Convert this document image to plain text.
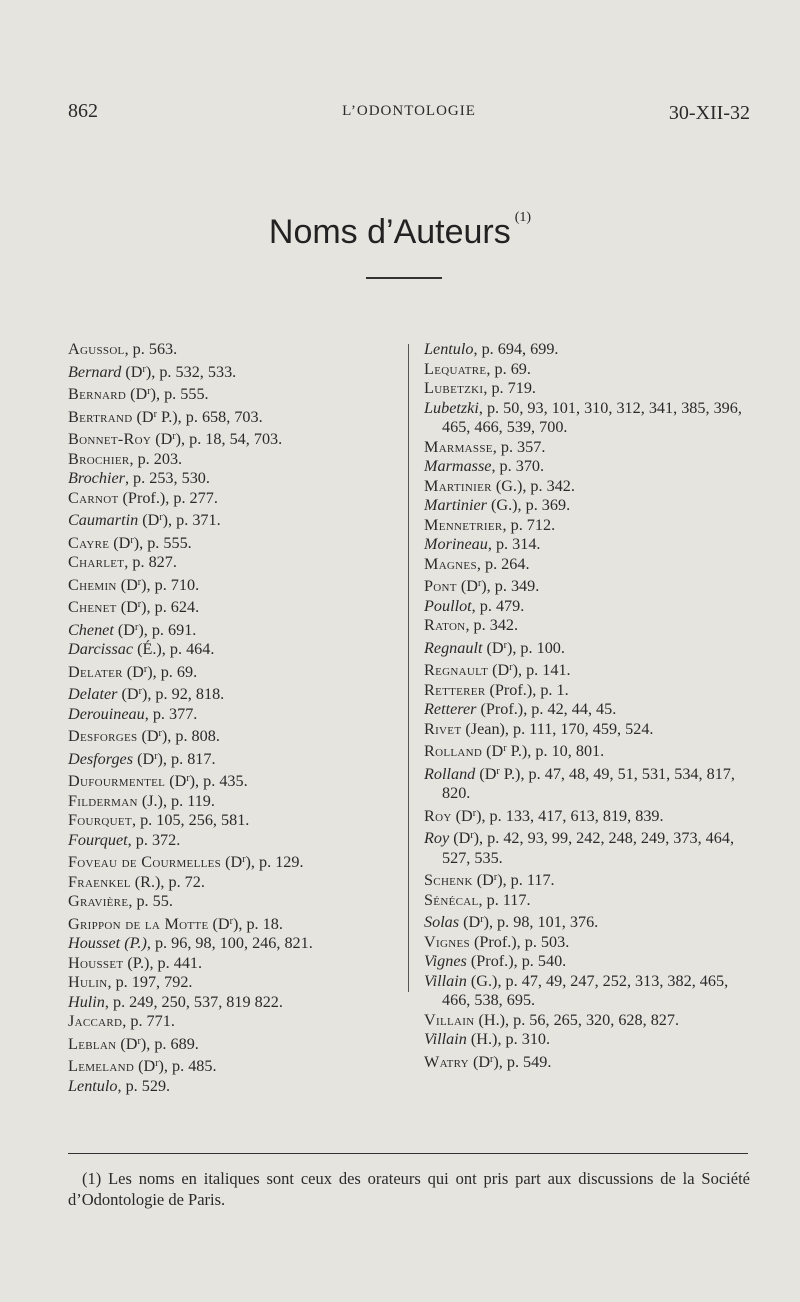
862	L’ODONTOLOGIE	30-XII-32
Noms d’Auteurs $^{(1)}$
Agussol, p. 563.
Bernard $(D^r)$, p. 532, 533.
Bernard $(D^r)$, p. 555.
Bertrand ($D^r$ P.), p. 658, 703.
Bonnet-Roy $(D^r)$, p. 18, 54, 703.
Brochier, p. 203.
Brochier, p. 253, 530.
Carnot (Prof.), p. 277.
Caumartin $(D^r)$, p. 371.
Cayre $(D^r)$, p. 555.
Charlet, p. 827.
Chemin $(D^r)$, p. 710.
Chenet $(D^r)$, p. 624.
Chenet $(D^r)$, p. 691.
Darcissac (É.), p. 464.
Delater $(D^r)$, p. 69.
Delater $(D^r)$, p. 92, 818.
Derouineau, p. 377.
Desforges $(D^r)$, p. 808.
Desforges $(D^r)$, p. 817.
Dufourmentel $(D^r)$, p. 435.
Filderman (J.), p. 119.
Fourquet, p. 105, 256, 581.
Fourquet, p. 372.
Foveau de Courmelles $(D^r)$, p. 129.
Fraenkel (R.), p. 72.
Gravière, p. 55.
Grippon de la Motte $(D^r)$, p. 18.
Housset (P.), p. 96, 98, 100, 246, 821.
Housset (P.), p. 441.
Hulin, p. 197, 792.
Hulin, p. 249, 250, 537, 819 822.
Jaccard, p. 771.
Leblan $(D^r)$, p. 689.
Lemeland $(D^r)$, p. 485.
Lentulo, p. 529.
Lentulo, p. 694, 699.
Lequatre, p. 69.
Lubetzki, p. 719.
Lubetzki, p. 50, 93, 101, 310, 312, 341, 385, 396, 465, 466, 539, 700.
Marmasse, p. 357.
Marmasse, p. 370.
Martinier (G.), p. 342.
Martinier (G.), p. 369.
Mennetrier, p. 712.
Morineau, p. 314.
Magnes, p. 264.
Pont $(D^r)$, p. 349.
Poullot, p. 479.
Raton, p. 342.
Regnault $(D^r)$, p. 100.
Regnault $(D^r)$, p. 141.
Retterer (Prof.), p. 1.
Retterer (Prof.), p. 42, 44, 45.
Rivet (Jean), p. 111, 170, 459, 524.
Rolland ($D^r$ P.), p. 10, 801.
Rolland ($D^r$ P.), p. 47, 48, 49, 51, 531, 534, 817, 820.
Roy $(D^r)$, p. 133, 417, 613, 819, 839.
Roy $(D^r)$, p. 42, 93, 99, 242, 248, 249, 373, 464, 527, 535.
Schenk $(D^r)$, p. 117.
Sénécal, p. 117.
Solas $(D^r)$, p. 98, 101, 376.
Vignes (Prof.), p. 503.
Vignes (Prof.), p. 540.
Villain (G.), p. 47, 49, 247, 252, 313, 382, 465, 466, 538, 695.
Villain (H.), p. 56, 265, 320, 628, 827.
Villain (H.), p. 310.
Watry $(D^r)$, p. 549.
(1) Les noms en italiques sont ceux des orateurs qui ont pris part aux discussions de la Société d’Odontologie de Paris.
